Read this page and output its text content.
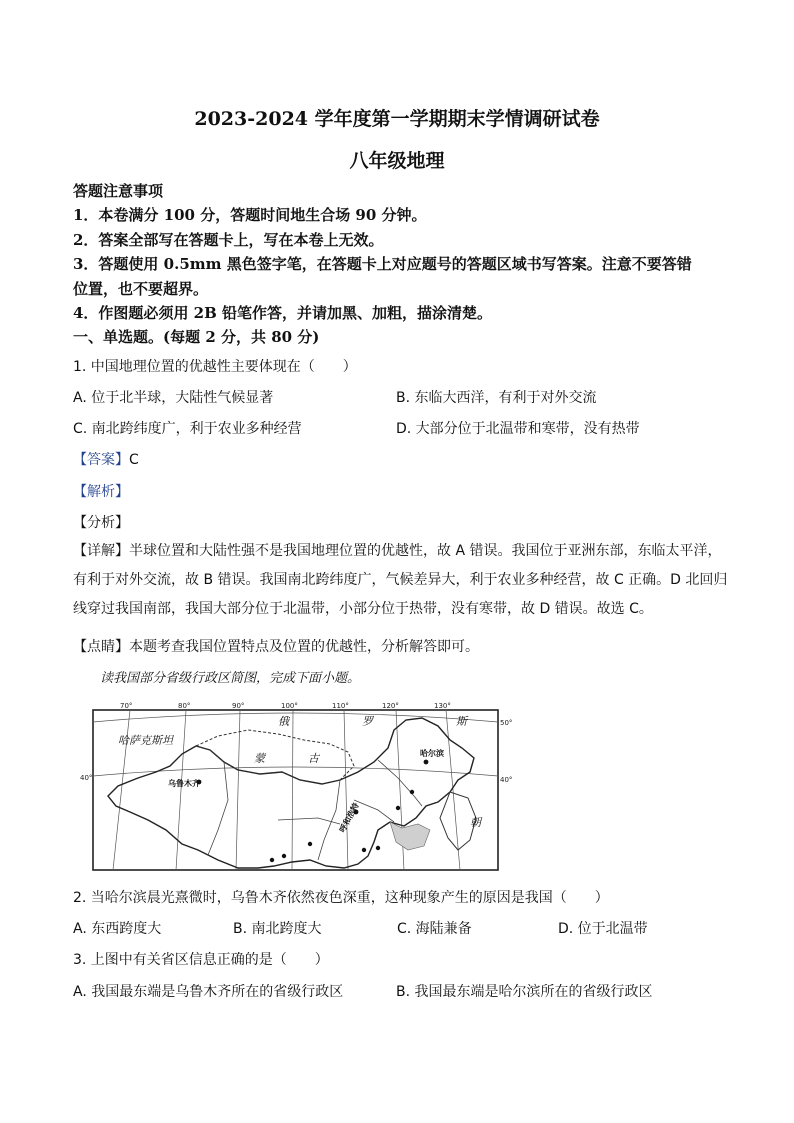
2023-2024 学年度第一学期期末学情调研试卷
八年级地理
答题注意事项
1．本卷满分 100 分，答题时间地生合场 90 分钟。
2．答案全部写在答题卡上，写在本卷上无效。
3．答题使用 0.5mm 黑色签字笔，在答题卡上对应题号的答题区域书写答案。注意不要答错
位置，也不要超界。
4．作图题必须用 2B 铅笔作答，并请加黑、加粗，描涂清楚。
一、单选题。(每题 2 分，共 80 分)
1. 中国地理位置的优越性主要体现在（　　）
A. 位于北半球，大陆性气候显著	B. 东临大西洋，有利于对外交流
C. 南北跨纬度广，利于农业多种经营	D. 大部分位于北温带和寒带，没有热带
【答案】C
【解析】
【分析】
【详解】半球位置和大陆性强不是我国地理位置的优越性，故 A 错误。我国位于亚洲东部，东临太平洋，
有利于对外交流，故 B 错误。我国南北跨纬度广，气候差异大，利于农业多种经营，故 C 正确。D 北回归
线穿过我国南部，我国大部分位于北温带，小部分位于热带，没有寒带，故 D 错误。故选 C。
【点睛】本题考查我国位置特点及位置的优越性，分析解答即可。
读我国部分省级行政区简图，完成下面小题。
70°	80°	90°	100°	110°	120°	130°
50°
40°	40°
哈萨克斯坦
俄	罗	斯
蒙	古
朝
乌鲁木齐
哈尔滨
呼和浩特
2. 当哈尔滨晨光熹微时，乌鲁木齐依然夜色深重，这种现象产生的原因是我国（　　）
A. 东西跨度大	B. 南北跨度大	C. 海陆兼备	D. 位于北温带
3. 上图中有关省区信息正确的是（　　）
A. 我国最东端是乌鲁木齐所在的省级行政区	B. 我国最东端是哈尔滨所在的省级行政区
